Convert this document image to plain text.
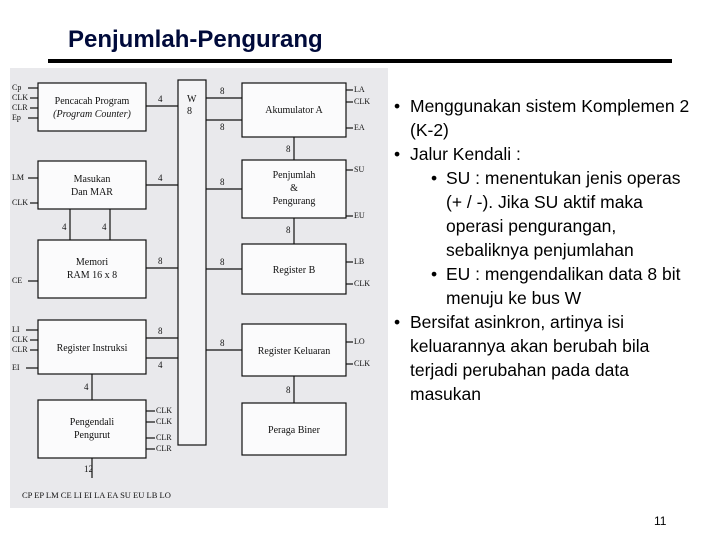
Penjumlah-Pengurang
W
8
Pencacah Program
(Program Counter)
Masukan
Dan MAR
Memori
RAM 16 x 8
Register Instruksi
Pengendali
Pengurut
Akumulator A
Penjumlah
&
Pengurang
Register B
Register Keluaran
Peraga Biner
4
4
8
8
4
8
8
8
8
8
4	4
4
12
8
8
8
Cp
CLK
CLR
Ep
LM
CLK
CE
LI
CLK
CLR
EI
LA
CLK
EA
SU
EU
LB
CLK
LO
CLK
CLK
CLK
CLR
CLR
CP EP LM CE LI EI LA EA SU EU LB LO

• Menggunakan sistem Komplemen 2 (K-2)

• Jalur Kendali :

• SU : menentukan jenis operas (+ / -). Jika SU aktif maka operasi pengurangan, sebaliknya penjumlahan

• EU : mengendalikan data 8 bit menuju ke bus W

• Bersifat asinkron, artinya isi keluarannya akan berubah bila terjadi perubahan pada data masukan

11
